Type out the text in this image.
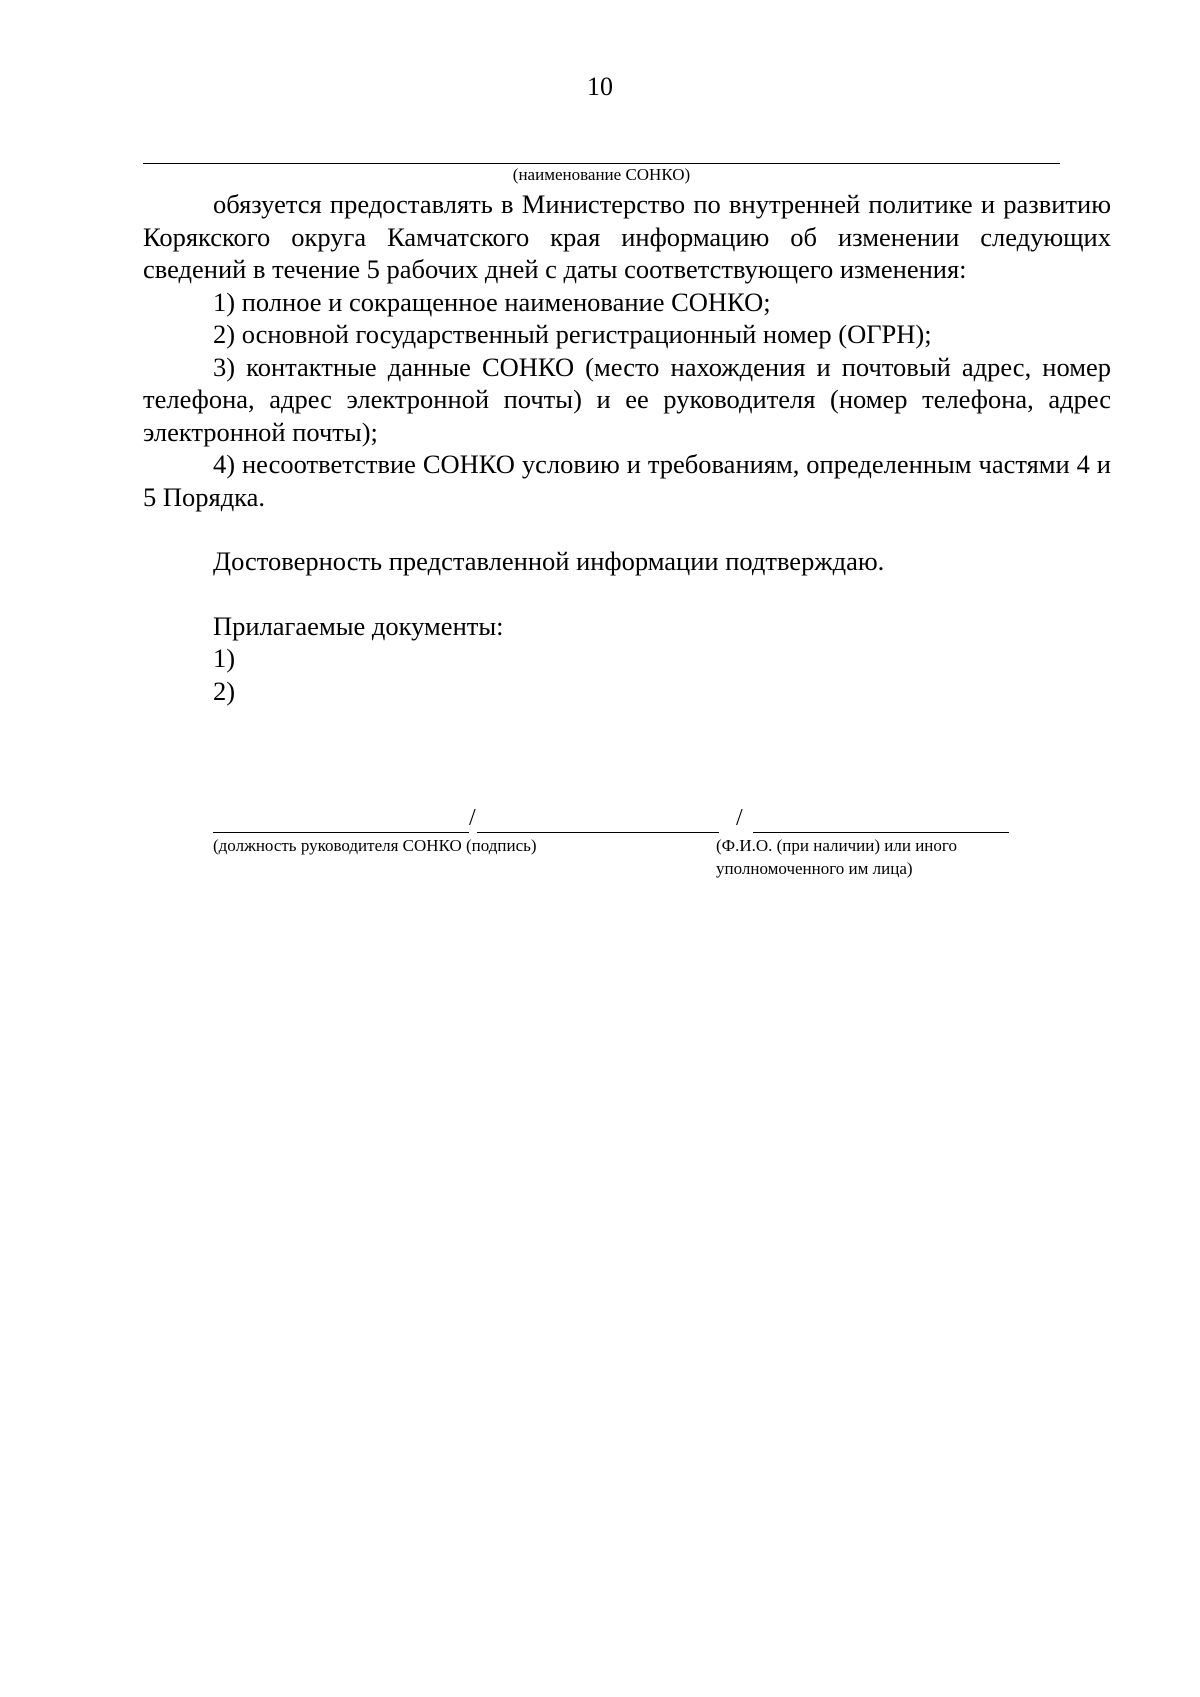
10
(наименование СОНКО)

обязуется предоставлять в Министерство по внутренней политике и развитию Корякского округа Камчатского края информацию об изменении следующих сведений в течение 5 рабочих дней с даты соответствующего изменения:

1) полное и сокращенное наименование СОНКО;

2) основной государственный регистрационный номер (ОГРН);

3) контактные данные СОНКО (место нахождения и почтовый адрес, номер телефона, адрес электронной почты) и ее руководителя (номер телефона, адрес электронной почты);

4) несоответствие СОНКО условию и требованиям, определенным частями 4 и 5 Порядка.

Достоверность представленной информации подтверждаю.

Прилагаемые документы:

1)

2)

/	/
(должность руководителя СОНКО (подпись)	(Ф.И.О. (при наличии) или иного
уполномоченного им лица)
